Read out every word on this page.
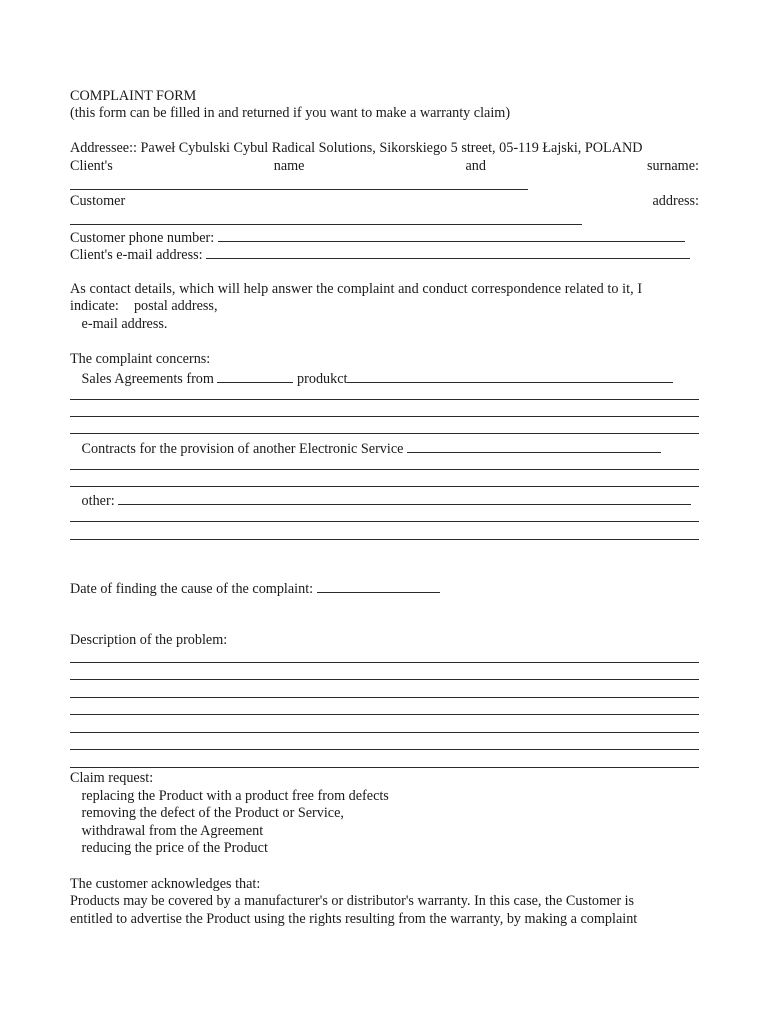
COMPLAINT FORM
(this form can be filled in and returned if you want to make a warranty claim)
Addressee:: Paweł Cybulski Cybul Radical Solutions, Sikorskiego 5 street, 05-119 Łajski, POLAND
Client's	name	and	surname:
Customer	address:
Customer phone number:
Client's e-mail address:
As contact details, which will help answer the complaint and conduct correspondence related to it, I
indicate: postal address,
e-mail address.
The complaint concerns:
Sales Agreements from	produkct
Contracts for the provision of another Electronic Service
other:
Date of finding the cause of the complaint:
Description of the problem:
Claim request:
replacing the Product with a product free from defects
removing the defect of the Product or Service,
withdrawal from the Agreement
reducing the price of the Product
The customer acknowledges that:
Products may be covered by a manufacturer's or distributor's warranty. In this case, the Customer is
entitled to advertise the Product using the rights resulting from the warranty, by making a complaint
